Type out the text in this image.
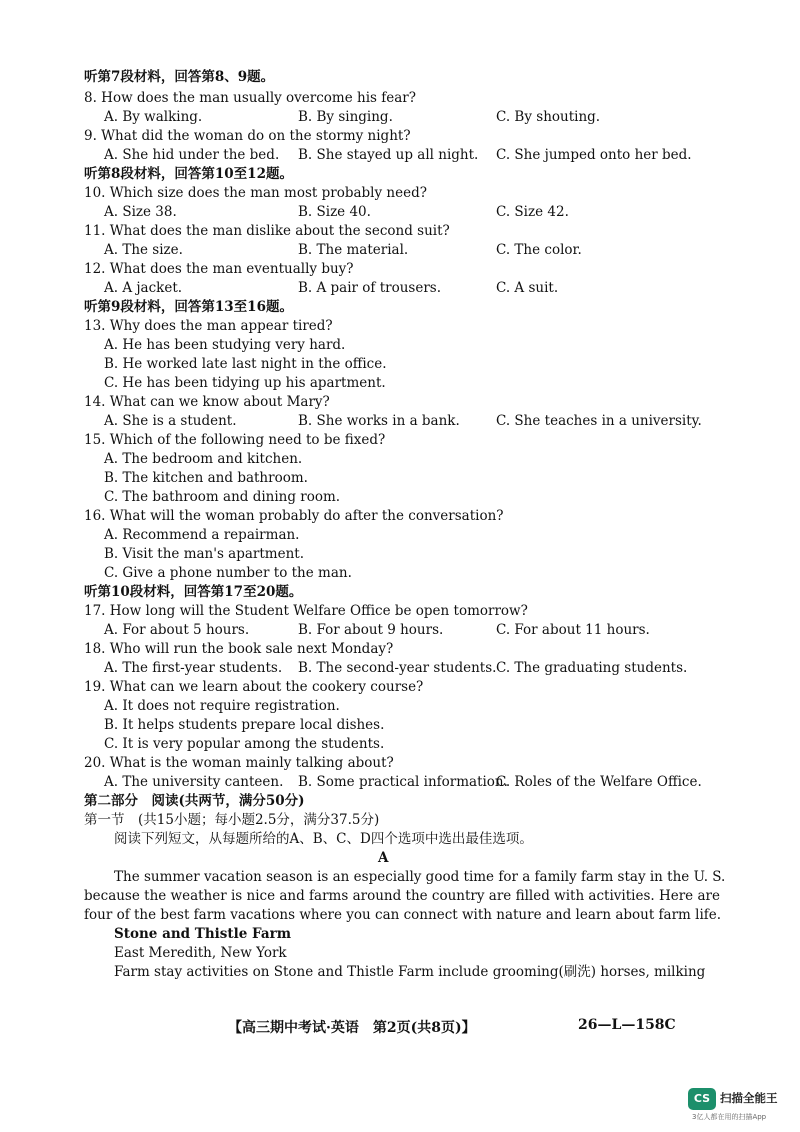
听第7段材料，回答第8、9题。
8. How does the man usually overcome his fear?
A. By walking.	B. By singing.	C. By shouting.
9. What did the woman do on the stormy night?
A. She hid under the bed. B. She stayed up all night. C. She jumped onto her bed.
听第8段材料，回答第10至12题。
10. Which size does the man most probably need?
A. Size 38.	B. Size 40.	C. Size 42.
11. What does the man dislike about the second suit?
A. The size.	B. The material.	C. The color.
12. What does the man eventually buy?
A. A jacket.	B. A pair of trousers.	C. A suit.
听第9段材料，回答第13至16题。
13. Why does the man appear tired?
A. He has been studying very hard.
B. He worked late last night in the office.
C. He has been tidying up his apartment.
14. What can we know about Mary?
A. She is a student.	B. She works in a bank.	C. She teaches in a university.
15. Which of the following need to be fixed?
A. The bedroom and kitchen.
B. The kitchen and bathroom.
C. The bathroom and dining room.
16. What will the woman probably do after the conversation?
A. Recommend a repairman.
B. Visit the man's apartment.
C. Give a phone number to the man.
听第10段材料，回答第17至20题。
17. How long will the Student Welfare Office be open tomorrow?
A. For about 5 hours.	B. For about 9 hours.	C. For about 11 hours.
18. Who will run the book sale next Monday?
A. The first-year students. B. The second-year students. C. The graduating students.
19. What can we learn about the cookery course?
A. It does not require registration.
B. It helps students prepare local dishes.
C. It is very popular among the students.
20. What is the woman mainly talking about?
A. The university canteen. B. Some practical information.
C. Roles of the Welfare Office.
第二部分　阅读(共两节，满分50分)
第一节　(共15小题；每小题2.5分，满分37.5分)
阅读下列短文，从每题所给的A、B、C、D四个选项中选出最佳选项。
A
The summer vacation season is an especially good time for a family farm stay in the U. S.
because the weather is nice and farms around the country are filled with activities. Here are
four of the best farm vacations where you can connect with nature and learn about farm life.
Stone and Thistle Farm
East Meredith, New York
Farm stay activities on Stone and Thistle Farm include grooming(刷洗) horses, milking
【高三期中考试·英语　第2页(共8页)】	26—L—158C
CS 扫描全能王
3亿人都在用的扫描App
